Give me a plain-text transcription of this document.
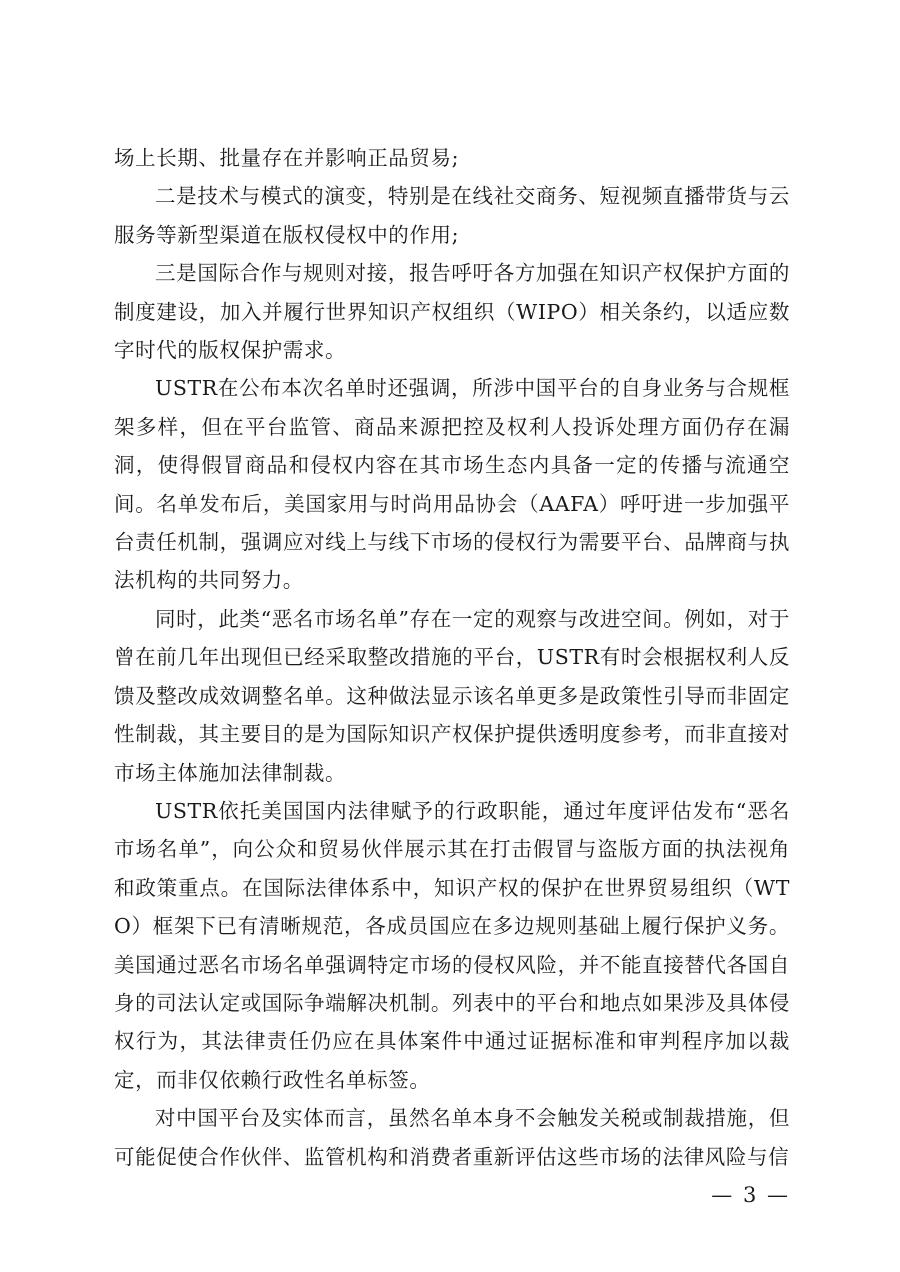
场上长期、批量存在并影响正品贸易;

二是技术与模式的演变，特别是在线社交商务、短视频直播带货与云服务等新型渠道在版权侵权中的作用;

三是国际合作与规则对接，报告呼吁各方加强在知识产权保护方面的制度建设，加入并履行世界知识产权组织（WIPO）相关条约，以适应数字时代的版权保护需求。

USTR在公布本次名单时还强调，所涉中国平台的自身业务与合规框架多样，但在平台监管、商品来源把控及权利人投诉处理方面仍存在漏洞，使得假冒商品和侵权内容在其市场生态内具备一定的传播与流通空间。名单发布后，美国家用与时尚用品协会（AAFA）呼吁进一步加强平台责任机制，强调应对线上与线下市场的侵权行为需要平台、品牌商与执法机构的共同努力。

同时，此类“恶名市场名单”存在一定的观察与改进空间。例如，对于曾在前几年出现但已经采取整改措施的平台，USTR有时会根据权利人反馈及整改成效调整名单。这种做法显示该名单更多是政策性引导而非固定性制裁，其主要目的是为国际知识产权保护提供透明度参考，而非直接对市场主体施加法律制裁。

USTR依托美国国内法律赋予的行政职能，通过年度评估发布“恶名市场名单”，向公众和贸易伙伴展示其在打击假冒与盗版方面的执法视角和政策重点。在国际法律体系中，知识产权的保护在世界贸易组织（WTO）框架下已有清晰规范，各成员国应在多边规则基础上履行保护义务。美国通过恶名市场名单强调特定市场的侵权风险，并不能直接替代各国自身的司法认定或国际争端解决机制。列表中的平台和地点如果涉及具体侵权行为，其法律责任仍应在具体案件中通过证据标准和审判程序加以裁定，而非仅依赖行政性名单标签。

对中国平台及实体而言，虽然名单本身不会触发关税或制裁措施，但可能促使合作伙伴、监管机构和消费者重新评估这些市场的法律风险与信

— 3 —
